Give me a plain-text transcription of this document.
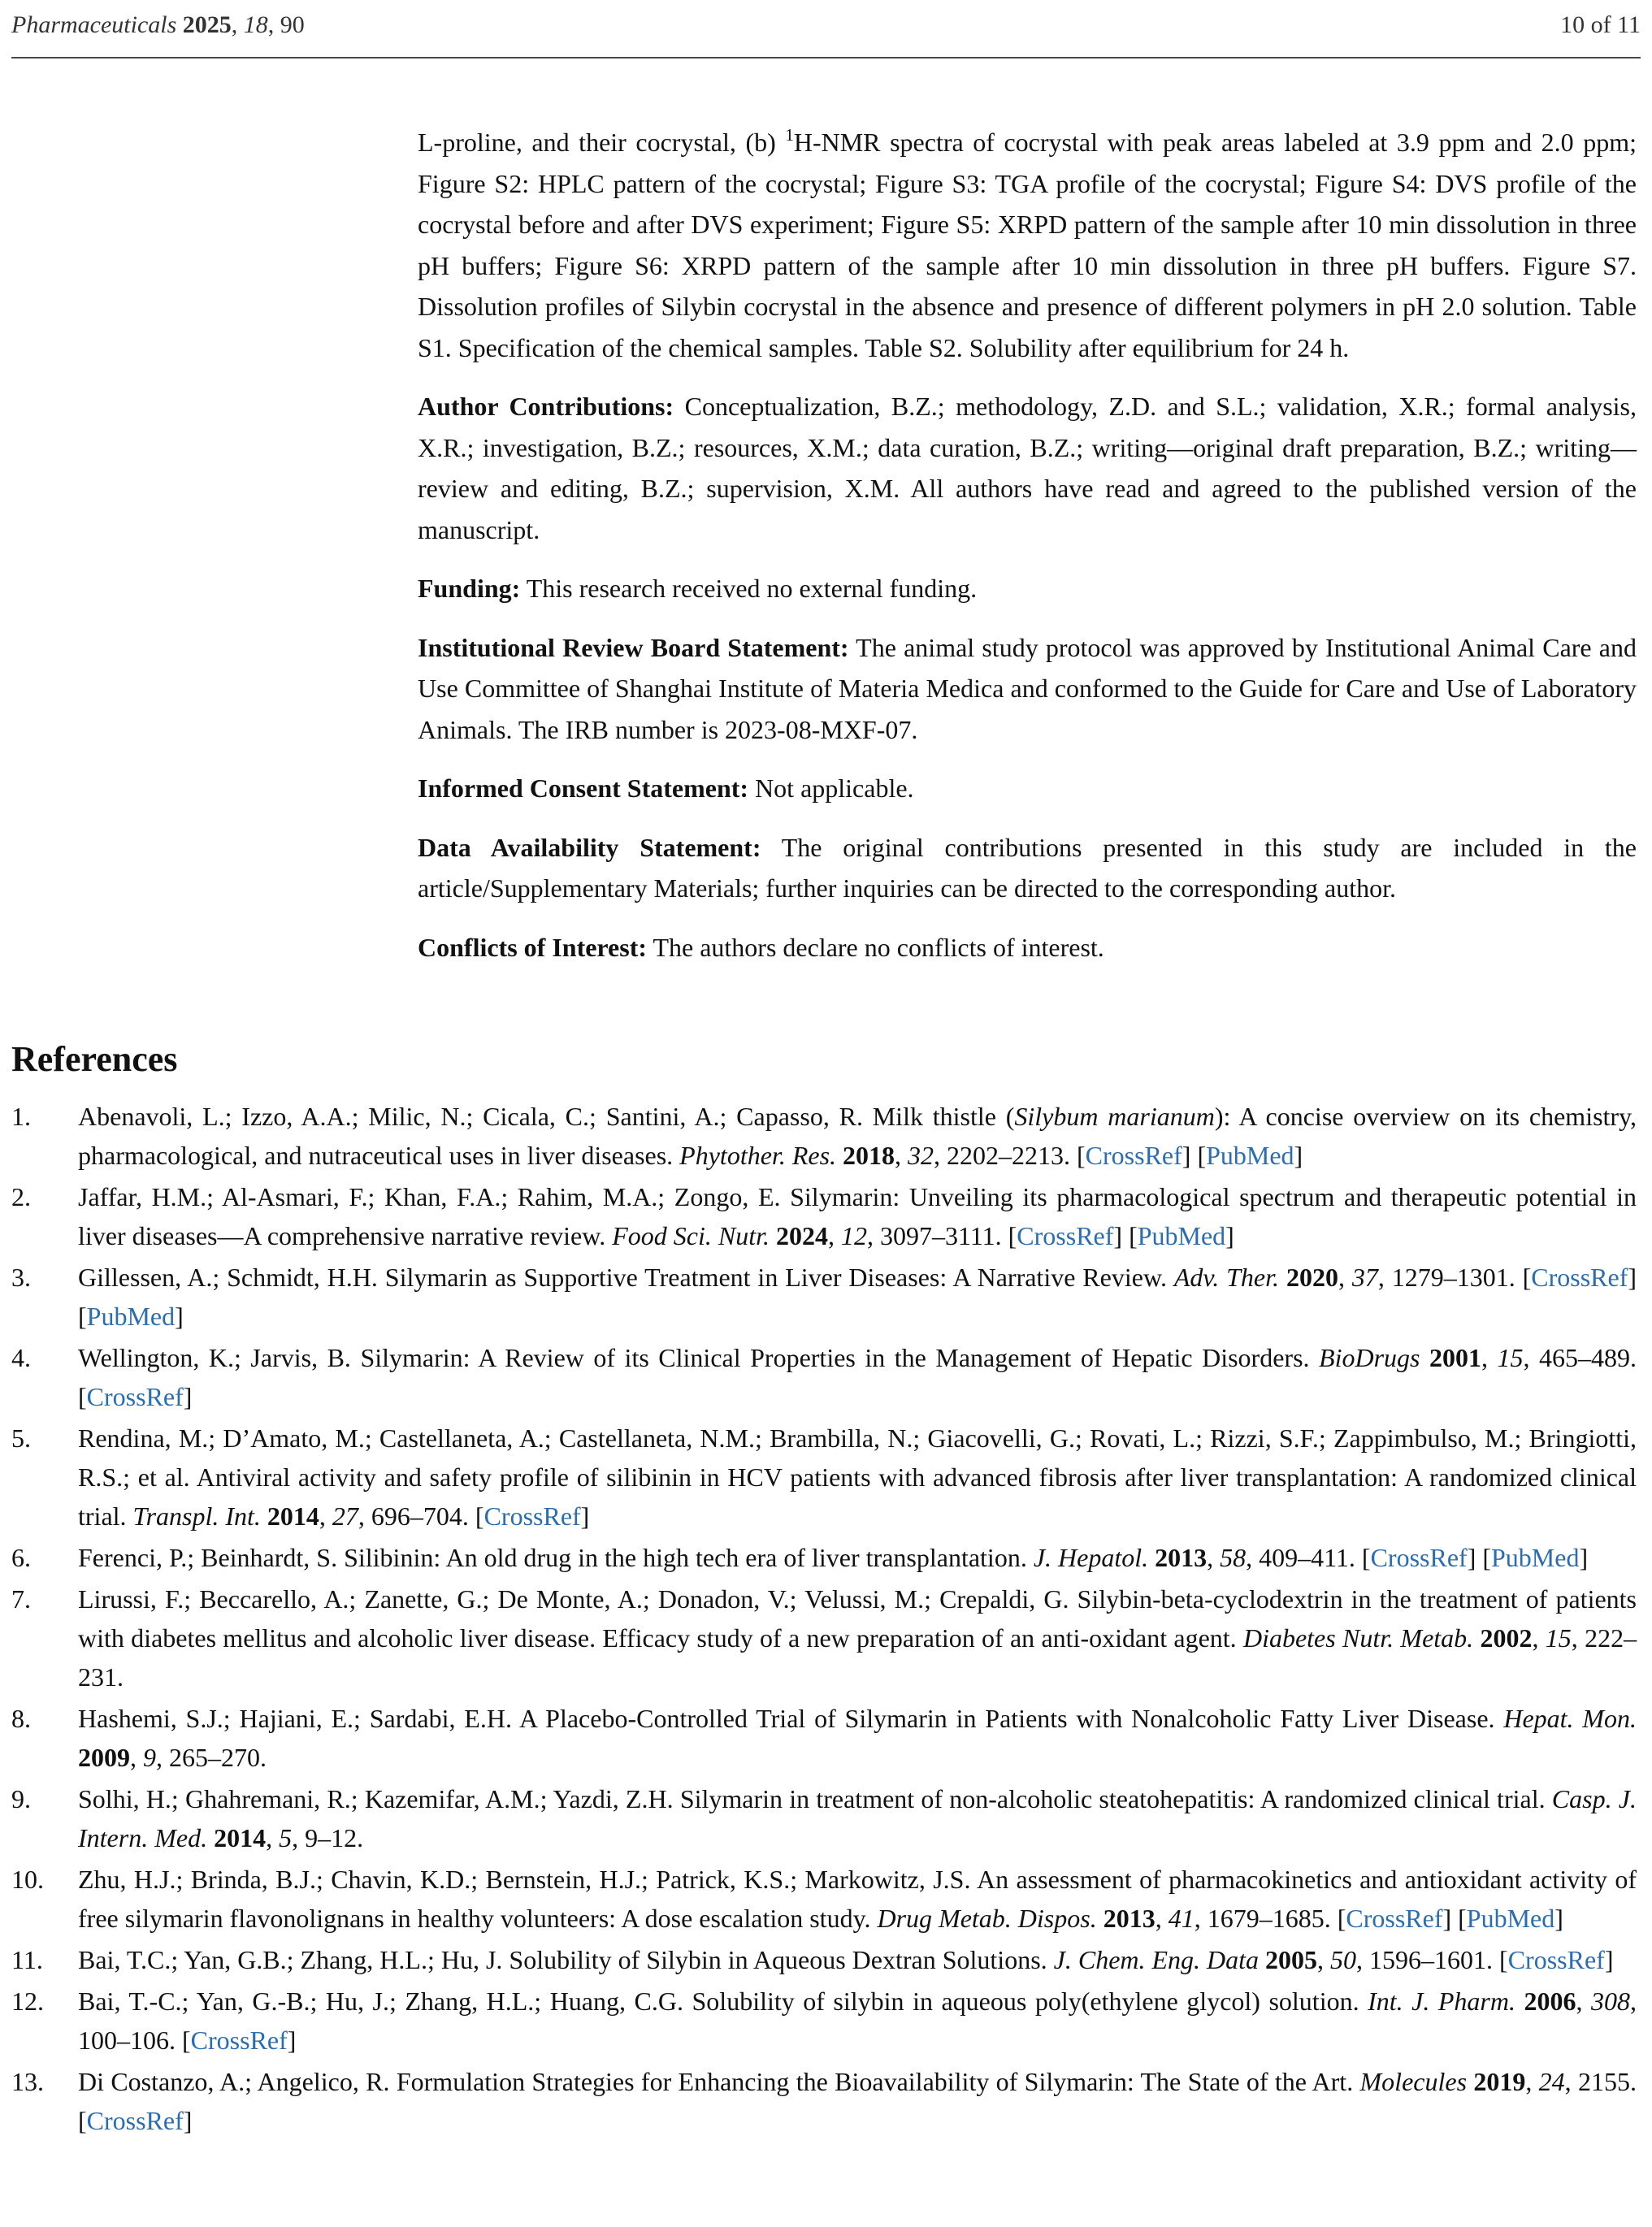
Pharmaceuticals 2025, 18, 90	10 of 11

L-proline, and their cocrystal, (b) $^1$H-NMR spectra of cocrystal with peak areas labeled at 3.9 ppm and 2.0 ppm; Figure S2: HPLC pattern of the cocrystal; Figure S3: TGA profile of the cocrystal; Figure S4: DVS profile of the cocrystal before and after DVS experiment; Figure S5: XRPD pattern of the sample after 10 min dissolution in three pH buffers; Figure S6: XRPD pattern of the sample after 10 min dissolution in three pH buffers. Figure S7. Dissolution profiles of Silybin cocrystal in the absence and presence of different polymers in pH 2.0 solution. Table S1. Specification of the chemical samples. Table S2. Solubility after equilibrium for 24 h.

Author Contributions: Conceptualization, B.Z.; methodology, Z.D. and S.L.; validation, X.R.; formal analysis, X.R.; investigation, B.Z.; resources, X.M.; data curation, B.Z.; writing—original draft preparation, B.Z.; writing—review and editing, B.Z.; supervision, X.M. All authors have read and agreed to the published version of the manuscript.

Funding: This research received no external funding.

Institutional Review Board Statement: The animal study protocol was approved by Institutional Animal Care and Use Committee of Shanghai Institute of Materia Medica and conformed to the Guide for Care and Use of Laboratory Animals. The IRB number is 2023-08-MXF-07.

Informed Consent Statement: Not applicable.

Data Availability Statement: The original contributions presented in this study are included in the article/Supplementary Materials; further inquiries can be directed to the corresponding author.

Conflicts of Interest: The authors declare no conflicts of interest.

References
1. Abenavoli, L.; Izzo, A.A.; Milic, N.; Cicala, C.; Santini, A.; Capasso, R. Milk thistle (Silybum marianum): A concise overview on its chemistry, pharmacological, and nutraceutical uses in liver diseases. Phytother. Res. 2018, 32, 2202–2213. [CrossRef] [PubMed]
2. Jaffar, H.M.; Al-Asmari, F.; Khan, F.A.; Rahim, M.A.; Zongo, E. Silymarin: Unveiling its pharmacological spectrum and therapeutic potential in liver diseases—A comprehensive narrative review. Food Sci. Nutr. 2024, 12, 3097–3111. [CrossRef] [PubMed]
3. Gillessen, A.; Schmidt, H.H. Silymarin as Supportive Treatment in Liver Diseases: A Narrative Review. Adv. Ther. 2020, 37, 1279–1301. [CrossRef] [PubMed]
4. Wellington, K.; Jarvis, B. Silymarin: A Review of its Clinical Properties in the Management of Hepatic Disorders. BioDrugs 2001, 15, 465–489. [CrossRef]
5. Rendina, M.; D’Amato, M.; Castellaneta, A.; Castellaneta, N.M.; Brambilla, N.; Giacovelli, G.; Rovati, L.; Rizzi, S.F.; Zappimbulso, M.; Bringiotti, R.S.; et al. Antiviral activity and safety profile of silibinin in HCV patients with advanced fibrosis after liver transplantation: A randomized clinical trial. Transpl. Int. 2014, 27, 696–704. [CrossRef]
6. Ferenci, P.; Beinhardt, S. Silibinin: An old drug in the high tech era of liver transplantation. J. Hepatol. 2013, 58, 409–411. [CrossRef] [PubMed]
7. Lirussi, F.; Beccarello, A.; Zanette, G.; De Monte, A.; Donadon, V.; Velussi, M.; Crepaldi, G. Silybin-beta-cyclodextrin in the treatment of patients with diabetes mellitus and alcoholic liver disease. Efficacy study of a new preparation of an anti-oxidant agent. Diabetes Nutr. Metab. 2002, 15, 222–231.
8. Hashemi, S.J.; Hajiani, E.; Sardabi, E.H. A Placebo-Controlled Trial of Silymarin in Patients with Nonalcoholic Fatty Liver Disease. Hepat. Mon. 2009, 9, 265–270.
9. Solhi, H.; Ghahremani, R.; Kazemifar, A.M.; Yazdi, Z.H. Silymarin in treatment of non-alcoholic steatohepatitis: A randomized clinical trial. Casp. J. Intern. Med. 2014, 5, 9–12.
10. Zhu, H.J.; Brinda, B.J.; Chavin, K.D.; Bernstein, H.J.; Patrick, K.S.; Markowitz, J.S. An assessment of pharmacokinetics and antioxidant activity of free silymarin flavonolignans in healthy volunteers: A dose escalation study. Drug Metab. Dispos. 2013, 41, 1679–1685. [CrossRef] [PubMed]
11. Bai, T.C.; Yan, G.B.; Zhang, H.L.; Hu, J. Solubility of Silybin in Aqueous Dextran Solutions. J. Chem. Eng. Data 2005, 50, 1596–1601. [CrossRef]
12. Bai, T.-C.; Yan, G.-B.; Hu, J.; Zhang, H.L.; Huang, C.G. Solubility of silybin in aqueous poly(ethylene glycol) solution. Int. J. Pharm. 2006, 308, 100–106. [CrossRef]
13. Di Costanzo, A.; Angelico, R. Formulation Strategies for Enhancing the Bioavailability of Silymarin: The State of the Art. Molecules 2019, 24, 2155. [CrossRef]
